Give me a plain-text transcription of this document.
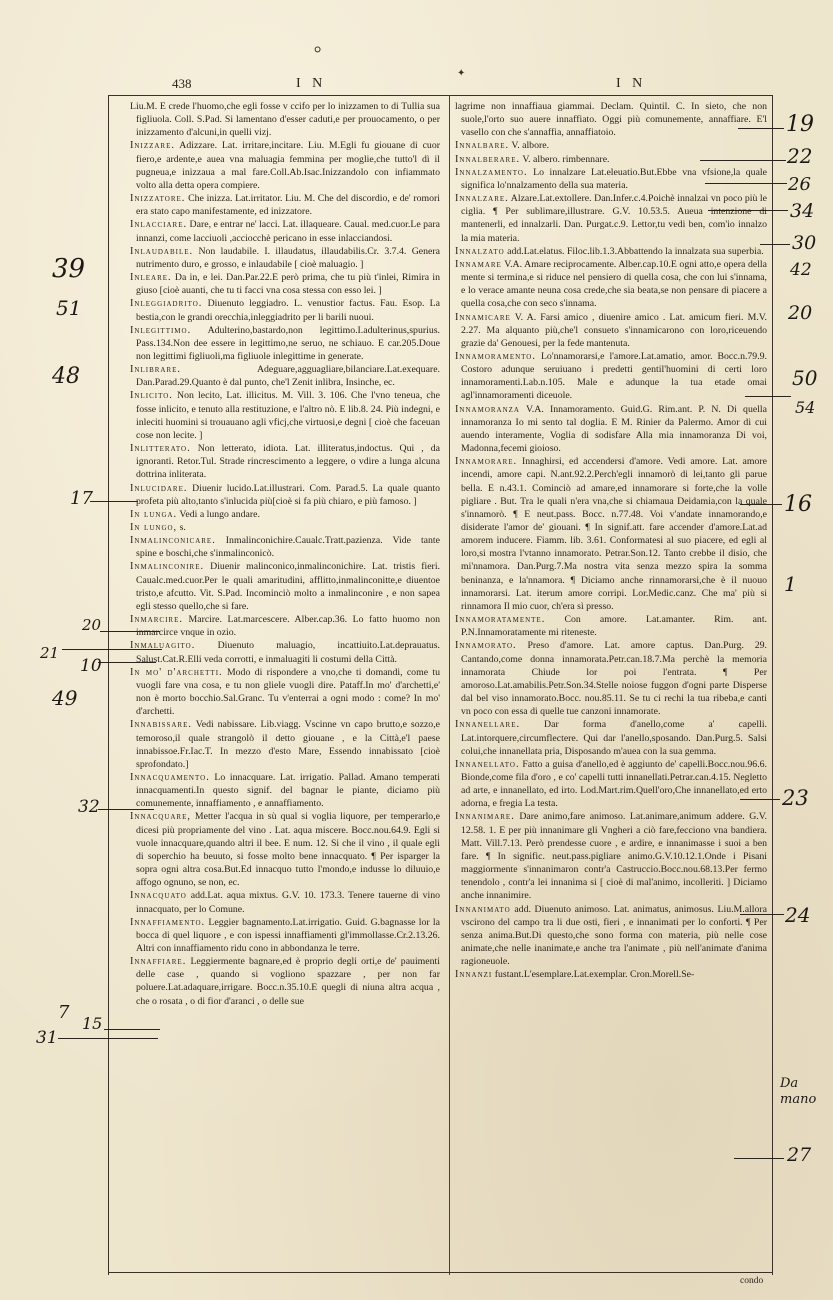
⸰
✦
438	I N	I N
Liu.M. E crede l'huomo,che egli fosse v ccifo per lo inizzamen to di Tullia sua figliuola. Coll. S.Pad. Si lamentano d'esser caduti,e per prouocamento, o per inizzamento d'alcuni,in quelli vizj.
Inizzare. Adizzare. Lat. irritare,incitare. Liu. M.Egli fu giouane di cuor fiero,e ardente,e auea vna maluagia femmina per moglie,che tutto'l dì il pugneua,e inizzaua a mal fare.Coll.Ab.Isac.Inizzandolo con infiammato volto alla detta opera compiere.
Inizzatore. Che inizza. Lat.irritator. Liu. M. Che del discordio, e de' romori era stato capo manifestamente, ed inizzatore.
Inlacciare. Dare, e entrar ne' lacci. Lat. illaqueare. Caual. med.cuor.Le para innanzi, come lacciuoli ,acciocchè pericano in esse inlacciandosi.
Inlaudabile. Non laudabile. I. illaudatus, illaudabilis.Cr. 3.7.4. Genera nutrimento duro, e grosso, e inlaudabile [ cioè maluagio. ]
Inleare. Da in, e lei. Dan.Par.22.E però prima, che tu più t'inlei, Rimira in giuso [cioè auanti, che tu ti facci vna cosa stessa con esso lei. ]
Inleggiadrito. Diuenuto leggiadro. L. venustior factus. Fau. Esop. La bestia,con le grandi orecchia,inleggiadrito per li barili nuoui.
Inlegittimo. Adulterino,bastardo,non legittimo.I.adulterinus,spurius. Pass.134.Non dee essere in legittimo,ne seruo, ne schiauo. E car.205.Doue non legittimi figliuoli,ma figliuole inlegittime in generate.
Inlibrare.	Adeguare,agguagliare,bilanciare.Lat.exequare. Dan.Parad.29.Quanto è dal punto, che'l Zenit inlibra, Insinche, ec.
Inlicito. Non lecito, Lat. illicitus. M. Vill. 3. 106. Che l'vno teneua, che fosse inlicito, e tenuto alla restituzione, e l'altro nò. E lib.8. 24. Più indegni, e inleciti huomini si trouauano agli vficj,che virtuosi,e degni [ cioè che faceuan cose non lecite. ]
Inlitterato. Non letterato, idiota. Lat. illiteratus,indoctus. Qui , da ignoranti. Retor.Tul. Strade rincrescimento a leggere, o vdire a lunga alcuna dottrina inliterata.
Inlucidare. Diuenir lucido.Lat.illustrari. Com. Parad.5. La quale quanto profeta più alto,tanto s'inlucida più[cioè si fa più chiaro, e più famoso. ]
In lunga. Vedi a lungo andare.
In lungo, s.
Inmalinconicare. Inmalinconichire.Caualc.Tratt.pazienza. Vide tante spine e boschi,che s'inmalinconicò.
Inmalinconire. Diuenir malinconico,inmalinconichire. Lat. tristis fieri. Caualc.med.cuor.Per le quali amaritudini, afflitto,inmalinconitte,e diuentoe tristo,e afcutto. Vit. S.Pad. Incominciò molto a inmalinconire , e non sapea egli stesso quello,che si fare.
Inmarcire. Marcire. Lat.marcescere. Alber.cap.36. Lo fatto huomo non inmarcirce vnque in ozio.
Inmaluagito. Diuenuto maluagio, incattiuito.Lat.deprauatus. Salust.Cat.R.Elli veda corrotti, e inmaluagiti li costumi della Città.
In mo' d'archetti. Modo di rispondere a vno,che ti domandi, come tu vuogli fare vna cosa, e tu non gliele vuogli dire. Pataff.In mo' d'archetti,e' non è morto bocchio.Sal.Granc. Tu v'enterrai a ogni modo : come? In mo' d'archetti.
Innabissare. Vedi nabissare. Lib.viagg. Vscinne vn capo brutto,e sozzo,e temoroso,il quale strangolò il detto giouane , e la Città,e'l paese innabissoe.Fr.Iac.T. In mezzo d'esto Mare, Essendo innabissato [cioè sprofondato.]
Innacquamento. Lo innacquare. Lat. irrigatio. Pallad. Amano temperati innacquamenti.In questo signif. del bagnar le piante, diciamo più comunemente, innaffiamento , e annaffiamento.
Innacquare, Metter l'acqua in sù qual si voglia liquore, per temperarlo,e dicesi più propriamente del vino . Lat. aqua miscere. Bocc.nou.64.9. Egli si vuole innacquare,quando altri il bee. E num. 12. Si che il vino , il quale egli di soperchio ha beuuto, si fosse molto bene innacquato. ¶ Per isparger la sopra ogni altra cosa.But.Ed innacquo tutto l'mondo,e indusse lo diluuio,e affogo ognuno, se non, ec.
Innacquato add.Lat. aqua mixtus. G.V. 10. 173.3. Tenere tauerne di vino innacquato, per lo Comune.
Innaffiamento. Leggier bagnamento.Lat.irrigatio. Guid. G.bagnasse lor la bocca di quel liquore , e con ispessi innaffiamenti gl'immollasse.Cr.2.13.26. Altri con innaffiamento ridu cono in abbondanza le terre.
Innaffiare. Leggiermente bagnare,ed è proprio degli orti,e de' pauimenti delle case , quando si vogliono spazzare , per non far poluere.Lat.adaquare,irrigare. Bocc.n.35.10.E quegli di niuna altra acqua , che o rosata , o di fior d'aranci , o delle sue
lagrime non innaffiaua giammai. Declam. Quintil. C. In sieto, che non suole,l'orto suo auere innaffiato. Oggi più comunemente, annaffiare. E'l vasello con che s'annaffia, annaffiatoio.
Innalbare. V. albore.
Innalberare. V. albero. rimbennare.
Innalzamento. Lo innalzare Lat.eleuatio.But.Ebbe vna vfsione,la quale significa lo'nnalzamento della sua materia.
Innalzare. Alzare.Lat.extollere. Dan.Infer.c.4.Poichè innalzai vn poco più le ciglia. ¶ Per sublimare,illustrare. G.V. 10.53.5. Aueua intenzione di mantenerli, ed innalzarli. Dan. Purgat.c.9. Lettor,tu vedi ben, com'io innalzo la mia materia.
Innalzato add.Lat.elatus. Filoc.lib.1.3.Abbattendo la innalzata sua superbia.
Innamare V.A. Amare reciprocamente. Alber.cap.10.E ogni atto,e opera della mente si termina,e si riduce nel pensiero di quella cosa, che con lui s'innama, e lo verace amante neuna cosa crede,che sia beata,se non pensare di piacere a quella cosa,che con seco s'innama.
Innamicare V. A. Farsi amico , diuenire amico . Lat. amicum fieri. M.V. 2.27. Ma alquanto più,che'l consueto s'innamicarono con loro,riceuendo grazie da' Genouesi, per la fede mantenuta.
Innamoramento. Lo'nnamorarsi,e l'amore.Lat.amatio, amor. Bocc.n.79.9. Costoro adunque seruiuano i predetti gentil'huomini di certi loro innamoramenti.Lab.n.105. Male e adunque la tua etade omai agl'innamoramenti diceuole.
Innamoranza V.A. Innamoramento. Guid.G. Rim.ant. P. N. Di quella innamoranza Io mi sento tal doglia. E M. Rinier da Palermo. Amor di cui auendo interamente, Voglia di sodisfare Alla mia innamoranza Di voi, Madonna,fecemi gioioso.
Innamorare. Innaghirsi, ed accendersi d'amore. Vedi amore. Lat. amore incendi, amore capi. N.ant.92.2.Perch'egli innamorò di lei,tanto gli parue bella. E n.43.1. Cominciò ad amare,ed innamorare si forte,che la volle pigliare . But. Tra le quali n'era vna,che si chiamaua Deidamia,con la quale s'innamorò. ¶ E neut.pass. Bocc. n.77.48. Voi v'andate innamorando,e disiderate l'amor de' giouani. ¶ In signif.att. fare accender d'amore.Lat.ad amorem inducere. Fiamm. lib. 3.61. Conformatesi al suo piacere, ed egli al loro,si mostra l'vtanno innamorato. Petrar.Son.12. Tanto crebbe il disio, che mi'nnamora. Dan.Purg.7.Ma nostra vita senza mezzo spira la somma beninanza, e la'nnamora. ¶ Diciamo anche rinnamorarsi,che è il nuouo innamorarsi. Lat. iterum amore corripi. Lor.Medic.canz. Che ma' più si rinnamora Il mio cuor, ch'era sì presso.
Innamoratamente. Con amore. Lat.amanter. Rim. ant. P.N.Innamoratamente mi riteneste.
Innamorato. Preso d'amore. Lat. amore captus. Dan.Purg. 29. Cantando,come donna innamorata.Petr.can.18.7.Ma perchè la memoria innamorata Chiude lor poi l'entrata. ¶ Per amoroso.Lat.amabilis.Petr.Son.34.Stelle noiose fuggon d'ogni parte Disperse dal bel viso innamorato.Bocc. nou.85.11. Se tu ci rechi la tua ribeba,e canti vn poco con essa di quelle tue canzoni innamorate.
Innanellare. Dar forma d'anello,come a' capelli. Lat.intorquere,circumflectere. Qui dar l'anello,sposando. Dan.Purg.5. Salsi colui,che innanellata pria, Disposando m'auea con la sua gemma.
Innanellato. Fatto a guisa d'anello,ed è aggiunto de' capelli.Bocc.nou.96.6. Bionde,come fila d'oro , e co' capelli tutti innanellati.Petrar.can.4.15. Negletto ad arte, e innanellato, ed irto. Lod.Mart.rim.Quell'oro,Che innanellato,ed erto adorna, e fregia La testa.
Innanimare. Dare animo,fare animoso. Lat.animare,animum addere. G.V. 12.58. 1. E per più innanimare gli Vngheri a ciò fare,fecciono vna bandiera. Matt. Vill.7.13. Però prendesse cuore , e ardire, e innanimasse i suoi a ben fare. ¶ In signific. neut.pass.pigliare animo.G.V.10.12.1.Onde i Pisani maggiormente s'innanimaron contr'a Castruccio.Bocc.nou.68.13.Per fermo tenendolo , contr'a lei innanima si [ cioè di mal'animo, incolleriti. ] Diciamo anche innanimire.
Innanimato add. Diuenuto animoso. Lat. animatus, animosus. Liu.M.allora vscirono del campo tra li due osti, fieri , e innanimati per lo conforti. ¶ Per senza anima.But.Di questo,che sono forma con materia, più nelle cose animate,che nelle inanimate,e anche tra l'animate , più nell'animate d'anima ragioneuole.
Innanzi fustant.L'esemplare.Lat.exemplar. Cron.Morell.Se-
condo
19
22
26
34
30
42
20
50
54
16
1
23
24
Da mano
27
39
51
48
17
20
21
10
49
32
7
15
31
